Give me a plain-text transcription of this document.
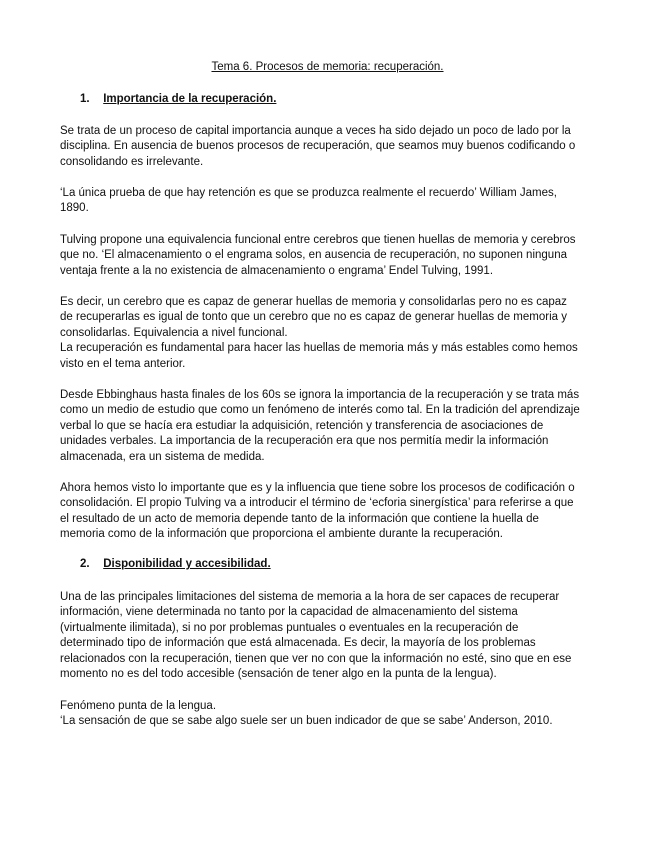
Tema 6. Procesos de memoria: recuperación.
1. Importancia de la recuperación.
Se trata de un proceso de capital importancia aunque a veces ha sido dejado un poco de lado por la
disciplina. En ausencia de buenos procesos de recuperación, que seamos muy buenos codificando o
consolidando es irrelevante.
‘La única prueba de que hay retención es que se produzca realmente el recuerdo’ William James,
1890.
Tulving propone una equivalencia funcional entre cerebros que tienen huellas de memoria y cerebros
que no. ‘El almacenamiento o el engrama solos, en ausencia de recuperación, no suponen ninguna
ventaja frente a la no existencia de almacenamiento o engrama’ Endel Tulving, 1991.
Es decir, un cerebro que es capaz de generar huellas de memoria y consolidarlas pero no es capaz
de recuperarlas es igual de tonto que un cerebro que no es capaz de generar huellas de memoria y
consolidarlas. Equivalencia a nivel funcional.
La recuperación es fundamental para hacer las huellas de memoria más y más estables como hemos
visto en el tema anterior.
Desde Ebbinghaus hasta finales de los 60s se ignora la importancia de la recuperación y se trata más
como un medio de estudio que como un fenómeno de interés como tal. En la tradición del aprendizaje
verbal lo que se hacía era estudiar la adquisición, retención y transferencia de asociaciones de
unidades verbales. La importancia de la recuperación era que nos permitía medir la información
almacenada, era un sistema de medida.
Ahora hemos visto lo importante que es y la influencia que tiene sobre los procesos de codificación o
consolidación. El propio Tulving va a introducir el término de ‘ecforia sinergística’ para referirse a que
el resultado de un acto de memoria depende tanto de la información que contiene la huella de
memoria como de la información que proporciona el ambiente durante la recuperación.
2. Disponibilidad y accesibilidad.
Una de las principales limitaciones del sistema de memoria a la hora de ser capaces de recuperar
información, viene determinada no tanto por la capacidad de almacenamiento del sistema
(virtualmente ilimitada), si no por problemas puntuales o eventuales en la recuperación de
determinado tipo de información que está almacenada. Es decir, la mayoría de los problemas
relacionados con la recuperación, tienen que ver no con que la información no esté, sino que en ese
momento no es del todo accesible (sensación de tener algo en la punta de la lengua).
Fenómeno punta de la lengua.
‘La sensación de que se sabe algo suele ser un buen indicador de que se sabe’ Anderson, 2010.
